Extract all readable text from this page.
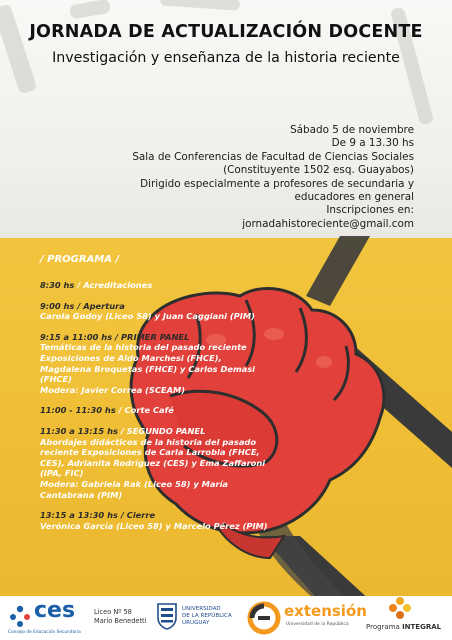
JORNADA DE ACTUALIZACIÓN DOCENTE
Investigación y enseñanza de la historia reciente
Sábado 5 de noviembre
De 9 a 13.30 hs
Sala de Conferencias de Facultad de Ciencias Sociales
(Constituyente 1502 esq. Guayabos)
Dirigido especialmente a profesores de secundaria y
educadores en general
Inscripciones en:
jornadahistoreciente@gmail.com
/ PROGRAMA /
8:30 hs / Acreditaciones
9:00 hs / Apertura
Carola Godoy (Liceo 58) y Juan Caggiani (PIM)
9:15 a 11:00 hs / PRIMER PANEL
Temáticas de la historia del pasado reciente
Exposiciones de Aldo Marchesi (FHCE),
Magdalena Broquetas (FHCE) y Carlos Demasi
(FHCE)
Modera: Javier Correa (SCEAM)
11:00 - 11:30 hs / Corte Café
11:30 a 13:15 hs / SEGUNDO PANEL
Abordajes didácticos de la historia del pasado
reciente Exposiciones de Carla Larrobla (FHCE,
CES), Adrianita Rodríguez (CES) y Ema Zaffaroni
(IPA, FIC)
Modera: Gabriela Rak (Liceo 58) y María
Cantabrana (PIM)
13:15 a 13:30 hs / Cierre
Verónica García (Liceo 58) y Marcelo Pérez (PIM)
ces
Consejo de Educación Secundaria
Liceo Nº 58
Mario Benedetti
UNIVERSIDAD
DE LA REPÚBLICA
URUGUAY
extensión
Universidad de la República Programa INTEGRAL
